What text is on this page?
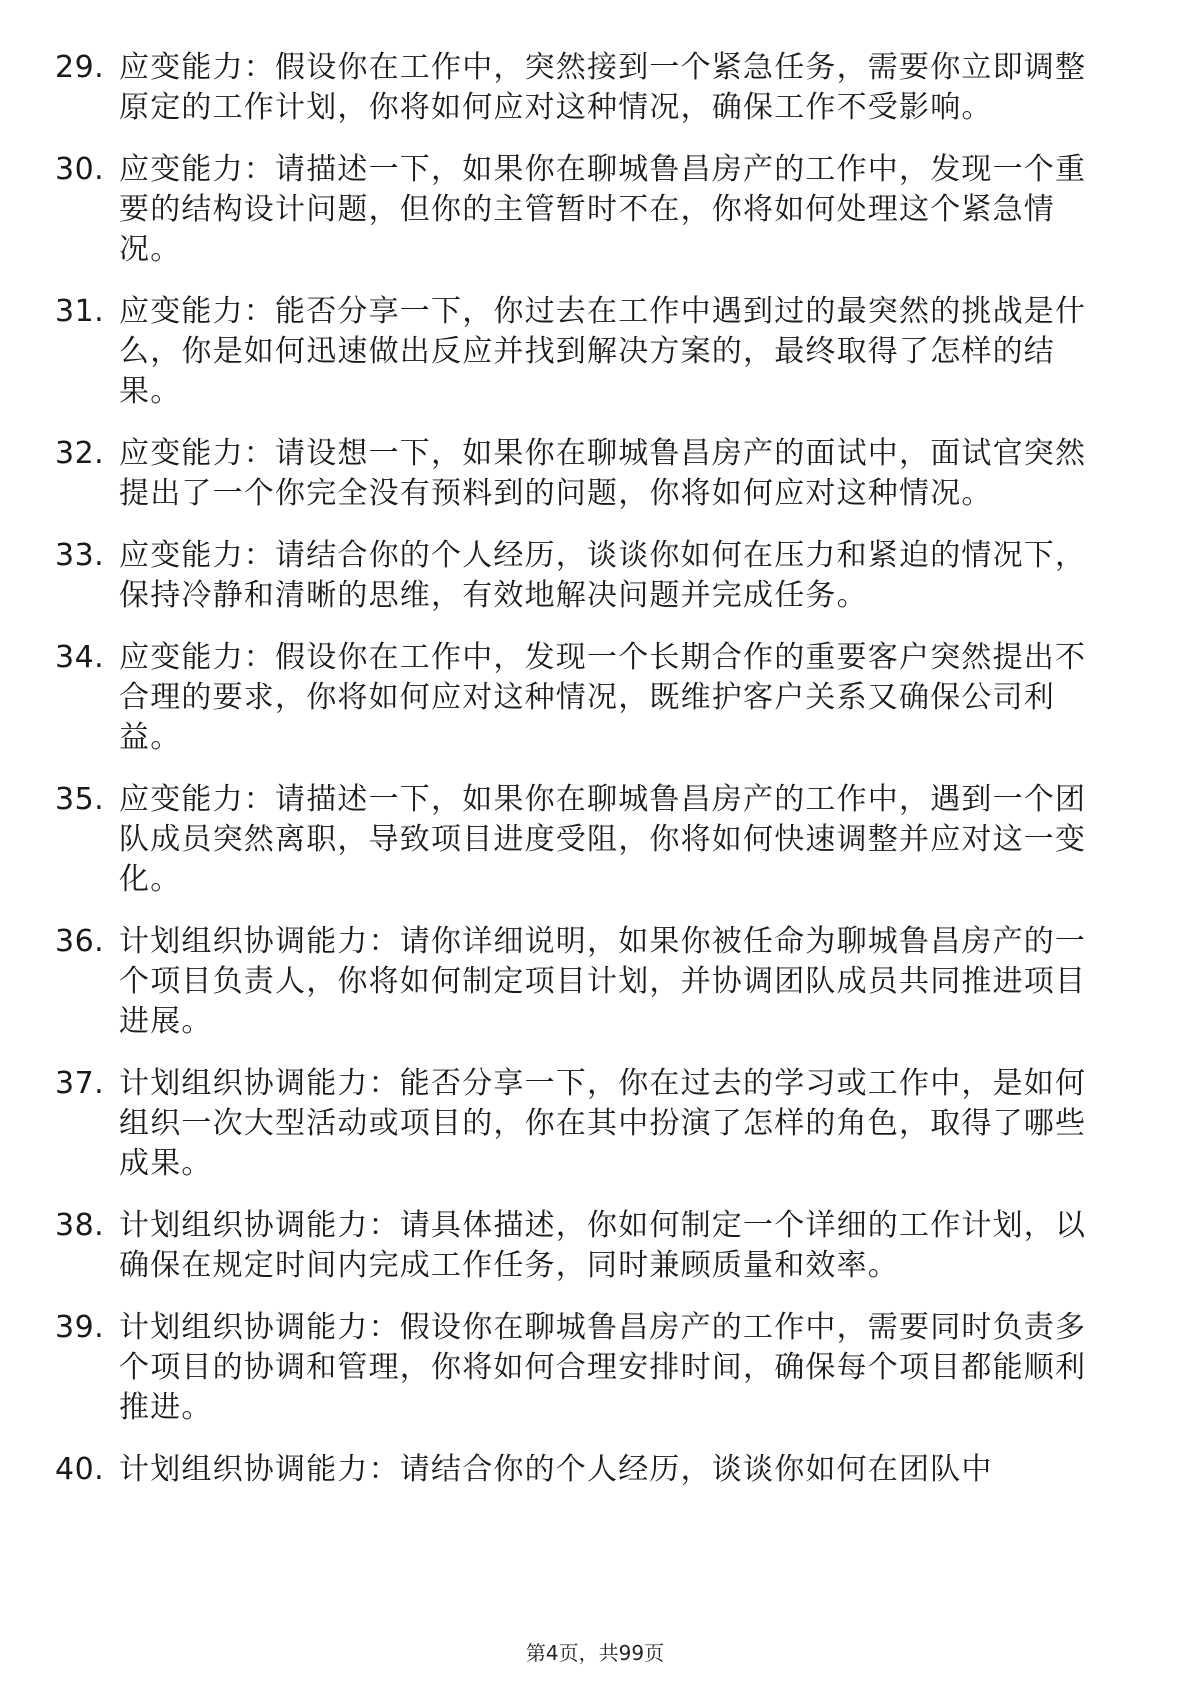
29. 应变能力：假设你在工作中，突然接到一个紧急任务，需要你立即调整原定的工作计划，你将如何应对这种情况，确保工作不受影响。
30. 应变能力：请描述一下，如果你在聊城鲁昌房产的工作中，发现一个重要的结构设计问题，但你的主管暂时不在，你将如何处理这个紧急情况。
31. 应变能力：能否分享一下，你过去在工作中遇到过的最突然的挑战是什么，你是如何迅速做出反应并找到解决方案的，最终取得了怎样的结果。
32. 应变能力：请设想一下，如果你在聊城鲁昌房产的面试中，面试官突然提出了一个你完全没有预料到的问题，你将如何应对这种情况。
33. 应变能力：请结合你的个人经历，谈谈你如何在压力和紧迫的情况下，保持冷静和清晰的思维，有效地解决问题并完成任务。
34. 应变能力：假设你在工作中，发现一个长期合作的重要客户突然提出不合理的要求，你将如何应对这种情况，既维护客户关系又确保公司利益。
35. 应变能力：请描述一下，如果你在聊城鲁昌房产的工作中，遇到一个团队成员突然离职，导致项目进度受阻，你将如何快速调整并应对这一变化。
36. 计划组织协调能力：请你详细说明，如果你被任命为聊城鲁昌房产的一个项目负责人，你将如何制定项目计划，并协调团队成员共同推进项目进展。
37. 计划组织协调能力：能否分享一下，你在过去的学习或工作中，是如何组织一次大型活动或项目的，你在其中扮演了怎样的角色，取得了哪些成果。
38. 计划组织协调能力：请具体描述，你如何制定一个详细的工作计划，以确保在规定时间内完成工作任务，同时兼顾质量和效率。
39. 计划组织协调能力：假设你在聊城鲁昌房产的工作中，需要同时负责多个项目的协调和管理，你将如何合理安排时间，确保每个项目都能顺利推进。
40. 计划组织协调能力：请结合你的个人经历，谈谈你如何在团队中
第4页，共99页
